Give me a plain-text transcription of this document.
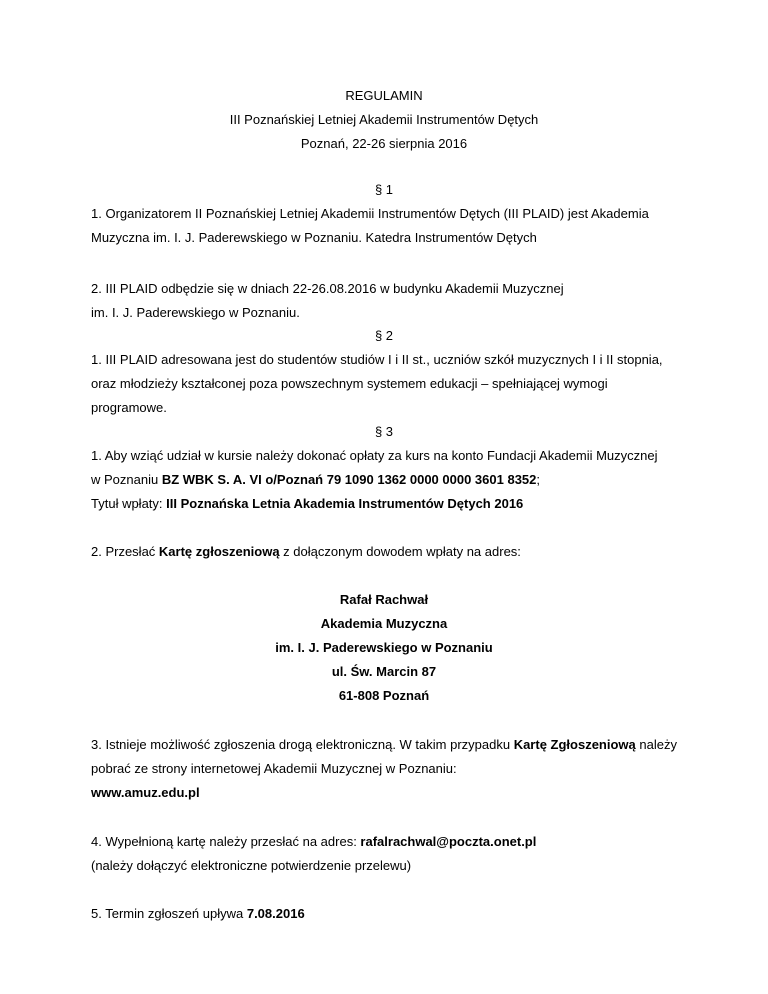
REGULAMIN
III Poznańskiej Letniej Akademii Instrumentów Dętych
Poznań, 22-26 sierpnia 2016
§ 1
1. Organizatorem II Poznańskiej Letniej Akademii Instrumentów Dętych (III PLAID) jest Akademia
Muzyczna im. I. J. Paderewskiego w Poznaniu. Katedra Instrumentów Dętych
2. III PLAID odbędzie się w dniach 22-26.08.2016 w budynku Akademii Muzycznej
im. I. J. Paderewskiego w Poznaniu.
§ 2
1. III PLAID adresowana jest do studentów studiów I i II st., uczniów szkół muzycznych I i II stopnia,
oraz młodzieży kształconej poza powszechnym systemem edukacji – spełniającej wymogi
programowe.
§ 3
1. Aby wziąć udział w kursie należy dokonać opłaty za kurs na konto Fundacji Akademii Muzycznej
w Poznaniu BZ WBK S. A. VI o/Poznań 79 1090 1362 0000 0000 3601 8352;
Tytuł wpłaty: III Poznańska Letnia Akademia Instrumentów Dętych 2016
2. Przesłać Kartę zgłoszeniową z dołączonym dowodem wpłaty na adres:
Rafał Rachwał
Akademia Muzyczna
im. I. J. Paderewskiego w Poznaniu
ul. Św. Marcin 87
61-808 Poznań
3. Istnieje możliwość zgłoszenia drogą elektroniczną. W takim przypadku Kartę Zgłoszeniową należy
pobrać ze strony internetowej Akademii Muzycznej w Poznaniu:
www.amuz.edu.pl
4. Wypełnioną kartę należy przesłać na adres: rafalrachwal@poczta.onet.pl
(należy dołączyć elektroniczne potwierdzenie przelewu)
5. Termin zgłoszeń upływa 7.08.2016
